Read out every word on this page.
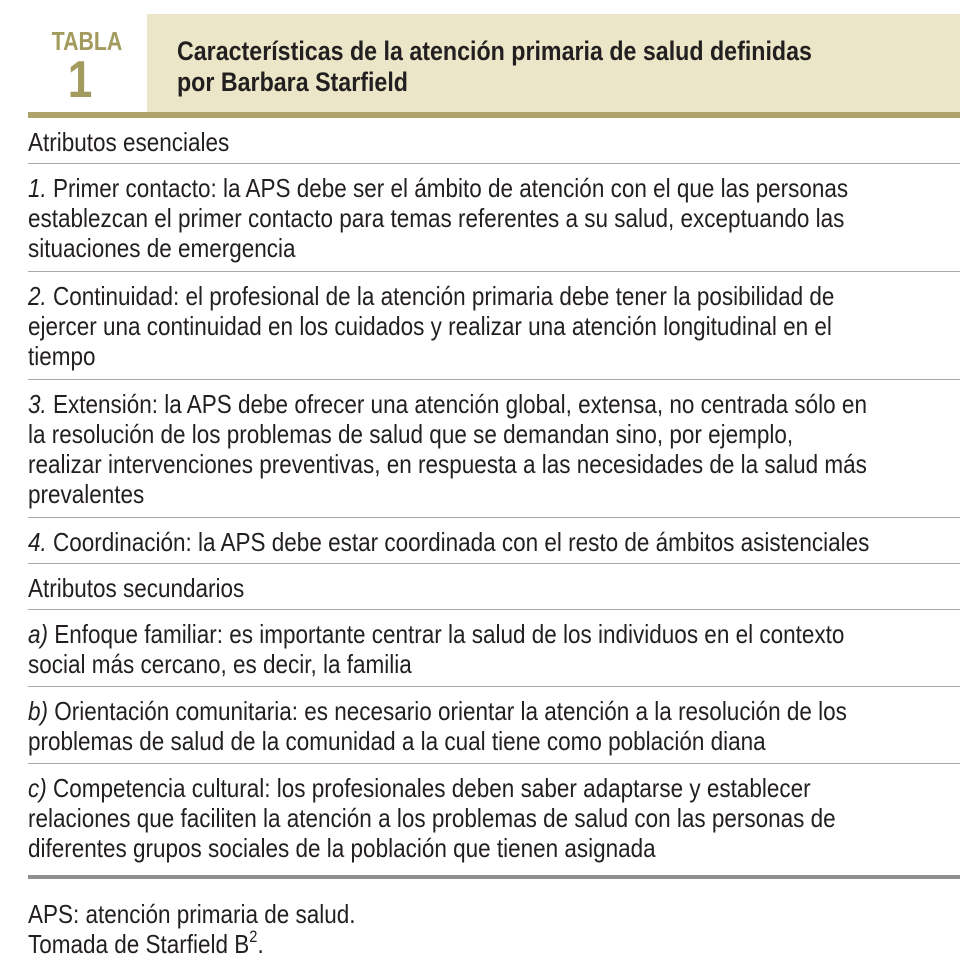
TABLA
1	Características de la atención primaria de salud definidas
por Barbara Starfield
Atributos esenciales
1. Primer contacto: la APS debe ser el ámbito de atención con el que las personas
establezcan el primer contacto para temas referentes a su salud, exceptuando las
situaciones de emergencia
2. Continuidad: el profesional de la atención primaria debe tener la posibilidad de
ejercer una continuidad en los cuidados y realizar una atención longitudinal en el
tiempo
3. Extensión: la APS debe ofrecer una atención global, extensa, no centrada sólo en
la resolución de los problemas de salud que se demandan sino, por ejemplo,
realizar intervenciones preventivas, en respuesta a las necesidades de la salud más
prevalentes
4. Coordinación: la APS debe estar coordinada con el resto de ámbitos asistenciales
Atributos secundarios
a) Enfoque familiar: es importante centrar la salud de los individuos en el contexto
social más cercano, es decir, la familia
b) Orientación comunitaria: es necesario orientar la atención a la resolución de los
problemas de salud de la comunidad a la cual tiene como población diana
c) Competencia cultural: los profesionales deben saber adaptarse y establecer
relaciones que faciliten la atención a los problemas de salud con las personas de
diferentes grupos sociales de la población que tienen asignada
APS: atención primaria de salud.
Tomada de Starfield $B^2$.
